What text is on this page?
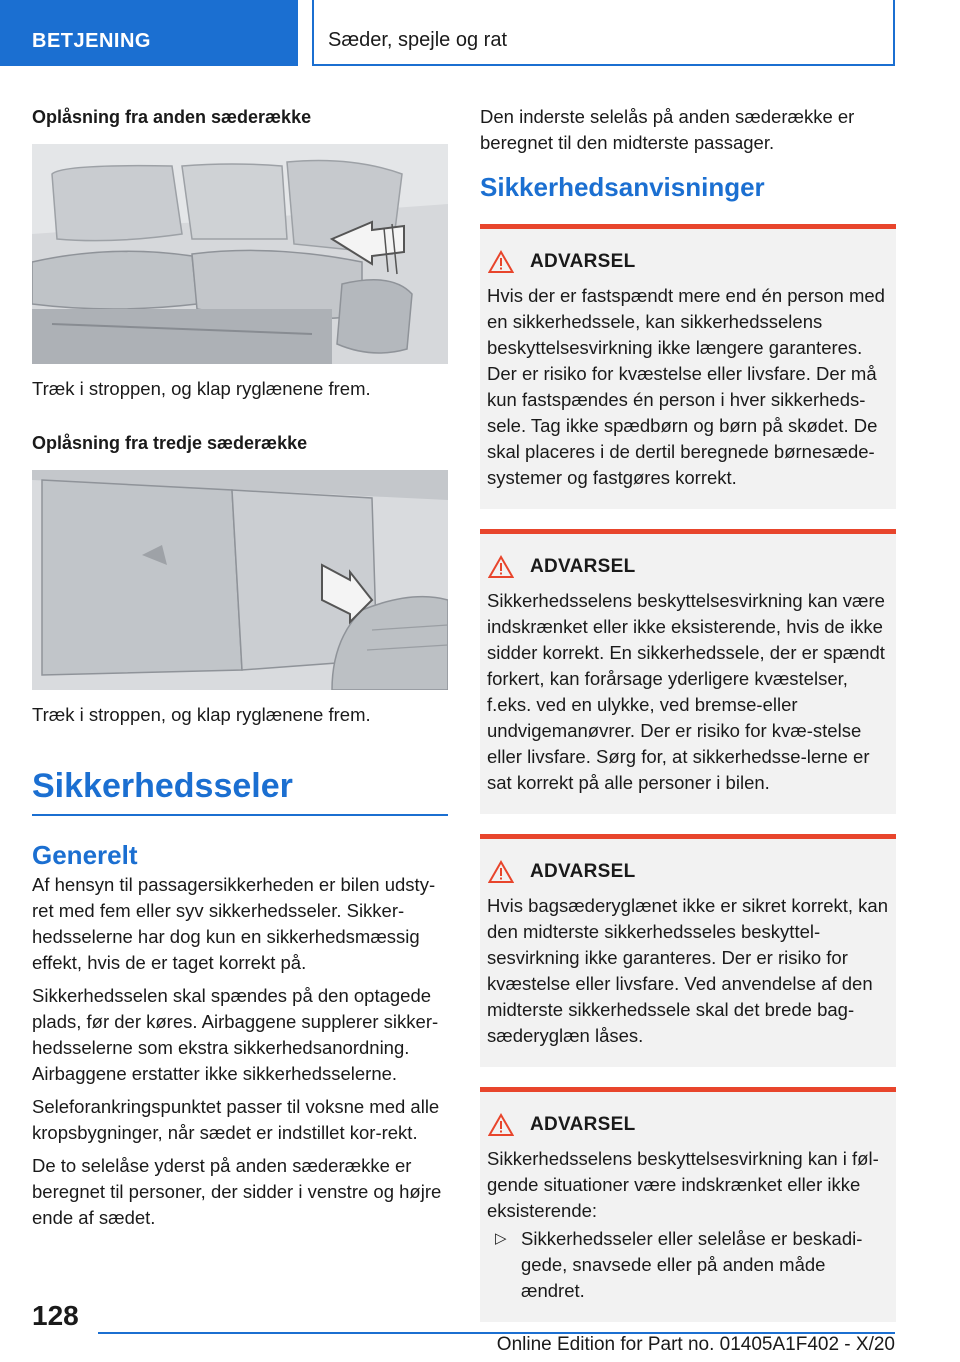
BETJENING	Sæder, spejle og rat
Oplåsning fra anden sæderække
Træk i stroppen, og klap ryglænene frem.
Oplåsning fra tredje sæderække
Træk i stroppen, og klap ryglænene frem.
Sikkerhedsseler
Generelt
Af hensyn til passagersikkerheden er bilen udsty-ret med fem eller syv sikkerhedsseler. Sikker-hedsselerne har dog kun en sikkerhedsmæssig effekt, hvis de er taget korrekt på.
Sikkerhedsselen skal spændes på den optagede plads, før der køres. Airbaggene supplerer sikker-hedsselerne som ekstra sikkerhedsanordning. Airbaggene erstatter ikke sikkerhedsselerne.
Seleforankringspunktet passer til voksne med alle kropsbygninger, når sædet er indstillet kor-rekt.
De to selelåse yderst på anden sæderække er beregnet til personer, der sidder i venstre og højre ende af sædet.
Den inderste selelås på anden sæderække er beregnet til den midterste passager.
Sikkerhedsanvisninger
ADVARSEL
Hvis der er fastspændt mere end én person med en sikkerhedssele, kan sikkerhedsselens beskyttelsesvirkning ikke længere garanteres. Der er risiko for kvæstelse eller livsfare. Der må kun fastspændes én person i hver sikkerheds-sele. Tag ikke spædbørn og børn på skødet. De skal placeres i de dertil beregnede børnesæde-systemer og fastgøres korrekt.
ADVARSEL
Sikkerhedsselens beskyttelsesvirkning kan være indskrænket eller ikke eksisterende, hvis de ikke sidder korrekt. En sikkerhedssele, der er spændt forkert, kan forårsage yderligere kvæstelser, f.eks. ved en ulykke, ved bremse-eller undvigemanøvrer. Der er risiko for kvæ-stelse eller livsfare. Sørg for, at sikkerhedsse-lerne er sat korrekt på alle personer i bilen.
ADVARSEL
Hvis bagsæderyglænet ikke er sikret korrekt, kan den midterste sikkerhedsseles beskyttel-sesvirkning ikke garanteres. Der er risiko for kvæstelse eller livsfare. Ved anvendelse af den midterste sikkerhedssele skal det brede bag-sæderyglæn låses.
ADVARSEL
Sikkerhedsselens beskyttelsesvirkning kan i føl-gende situationer være indskrænket eller ikke eksisterende:
▷ Sikkerhedsseler eller selelåse er beskadi-gede, snavsede eller på anden måde ændret.
128
Online Edition for Part no. 01405A1F402 - X/20
